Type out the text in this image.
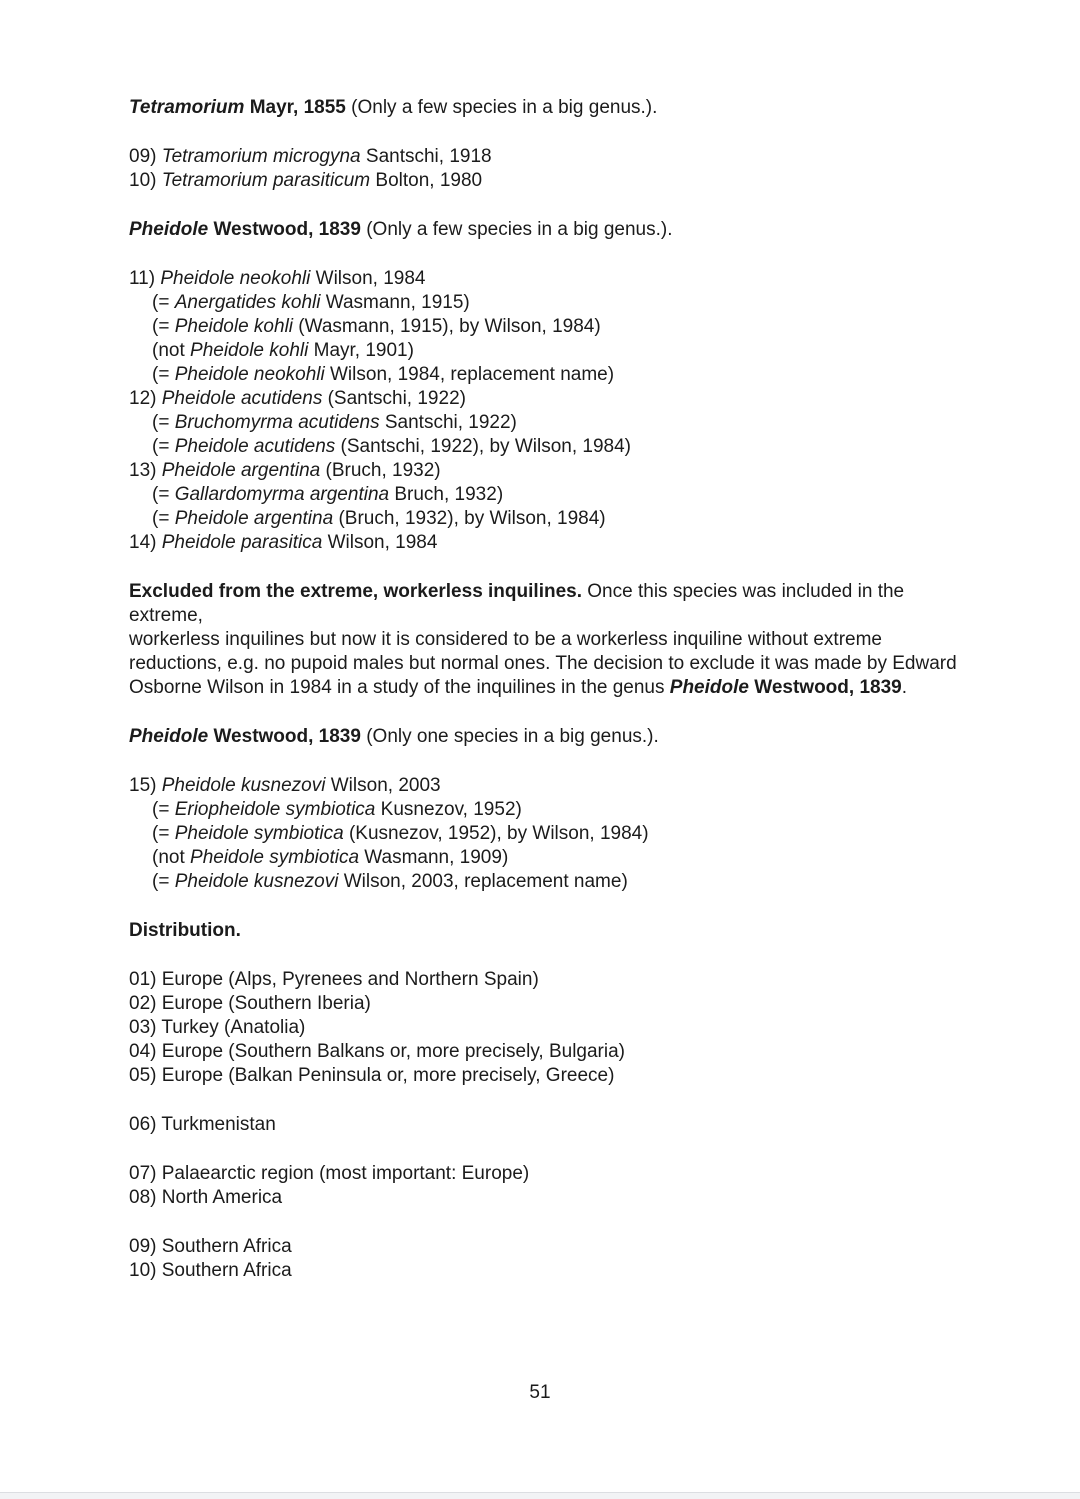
Tetramorium Mayr, 1855 (Only a few species in a big genus.).
09) Tetramorium microgyna Santschi, 1918
10) Tetramorium parasiticum Bolton, 1980
Pheidole Westwood, 1839 (Only a few species in a big genus.).
11) Pheidole neokohli Wilson, 1984
(= Anergatides kohli Wasmann, 1915)
(= Pheidole kohli (Wasmann, 1915), by Wilson, 1984)
(not Pheidole kohli Mayr, 1901)
(= Pheidole neokohli Wilson, 1984, replacement name)
12) Pheidole acutidens (Santschi, 1922)
(= Bruchomyrma acutidens Santschi, 1922)
(= Pheidole acutidens (Santschi, 1922), by Wilson, 1984)
13) Pheidole argentina (Bruch, 1932)
(= Gallardomyrma argentina Bruch, 1932)
(= Pheidole argentina (Bruch, 1932), by Wilson, 1984)
14) Pheidole parasitica Wilson, 1984
Excluded from the extreme, workerless inquilines. Once this species was included in the extreme,
workerless inquilines but now it is considered to be a workerless inquiline without extreme
reductions, e.g. no pupoid males but normal ones. The decision to exclude it was made by Edward
Osborne Wilson in 1984 in a study of the inquilines in the genus Pheidole Westwood, 1839.
Pheidole Westwood, 1839 (Only one species in a big genus.).
15) Pheidole kusnezovi Wilson, 2003
(= Eriopheidole symbiotica Kusnezov, 1952)
(= Pheidole symbiotica (Kusnezov, 1952), by Wilson, 1984)
(not Pheidole symbiotica Wasmann, 1909)
(= Pheidole kusnezovi Wilson, 2003, replacement name)
Distribution.
01) Europe (Alps, Pyrenees and Northern Spain)
02) Europe (Southern Iberia)
03) Turkey (Anatolia)
04) Europe (Southern Balkans or, more precisely, Bulgaria)
05) Europe (Balkan Peninsula or, more precisely, Greece)
06) Turkmenistan
07) Palaearctic region (most important: Europe)
08) North America
09) Southern Africa
10) Southern Africa
51
